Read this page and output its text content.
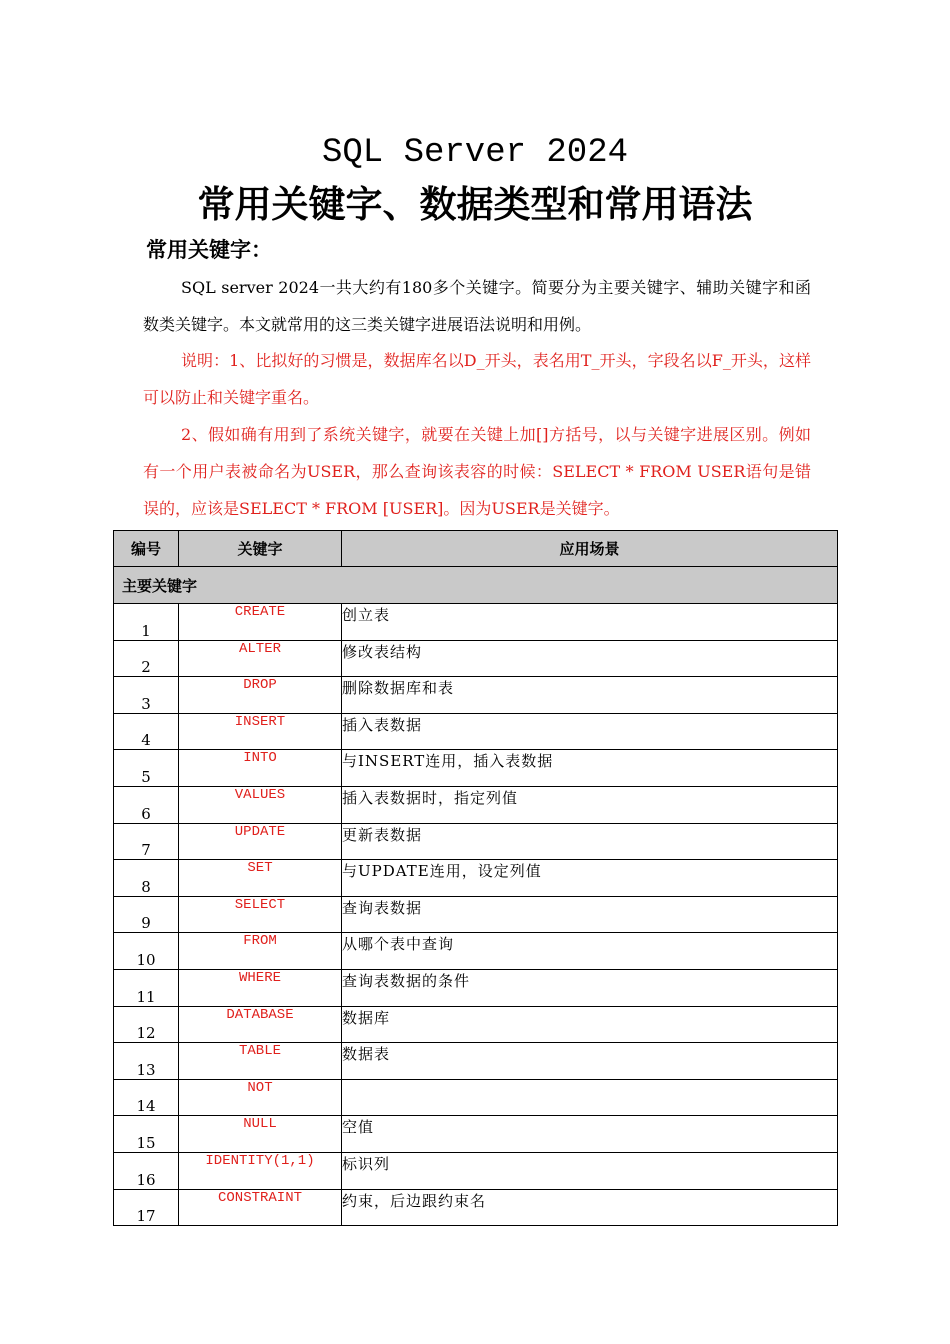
SQL Server 2024
常用关键字、数据类型和常用语法
常用关键字：
SQL server 2024一共大约有180多个关键字。简要分为主要关键字、辅助关键字和函数类关键字。本文就常用的这三类关键字进展语法说明和用例。
说明：1、比拟好的习惯是，数据库名以D_开头，表名用T_开头，字段名以F_开头，这样可以防止和关键字重名。
2、假如确有用到了系统关键字，就要在关键上加[]方括号，以与关键字进展区别。例如有一个用户表被命名为USER，那么查询该表容的时候：SELECT * FROM USER语句是错误的，应该是SELECT * FROM [USER]。因为USER是关键字。
编号	关键字	应用场景
主要关键字		

1	CREATE	创立表

2	ALTER	修改表结构

3	DROP	删除数据库和表

4	INSERT	插入表数据

5	INTO	与INSERT连用，插入表数据

6	VALUES	插入表数据时，指定列值

7	UPDATE	更新表数据

8	SET	与UPDATE连用，设定列值

9	SELECT	查询表数据

10	FROM	从哪个表中查询

11	WHERE	查询表数据的条件

12	DATABASE	数据库

13	TABLE	数据表

14	NOT	

15	NULL	空值

16	IDENTITY(1,1)	标识列

17	CONSTRAINT	约束，后边跟约束名
